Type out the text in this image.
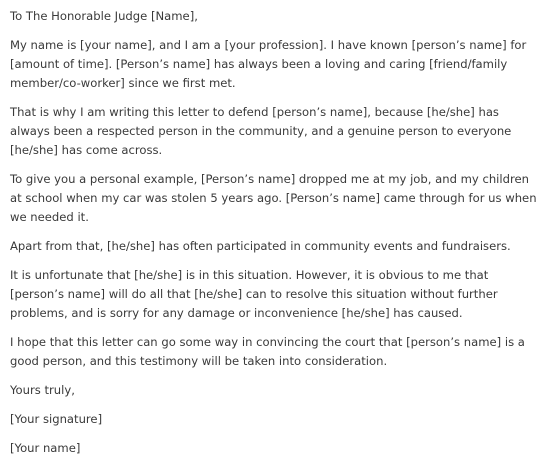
To The Honorable Judge [Name],
My name is [your name], and I am a [your profession]. I have known [person’s name] for
[amount of time]. [Person’s name] has always been a loving and caring [friend/family
member/co-worker] since we first met.
That is why I am writing this letter to defend [person’s name], because [he/she] has
always been a respected person in the community, and a genuine person to everyone
[he/she] has come across.
To give you a personal example, [Person’s name] dropped me at my job, and my children
at school when my car was stolen 5 years ago. [Person’s name] came through for us when
we needed it.
Apart from that, [he/she] has often participated in community events and fundraisers.
It is unfortunate that [he/she] is in this situation. However, it is obvious to me that
[person’s name] will do all that [he/she] can to resolve this situation without further
problems, and is sorry for any damage or inconvenience [he/she] has caused.
I hope that this letter can go some way in convincing the court that [person’s name] is a
good person, and this testimony will be taken into consideration.
Yours truly,
[Your signature]
[Your name]
